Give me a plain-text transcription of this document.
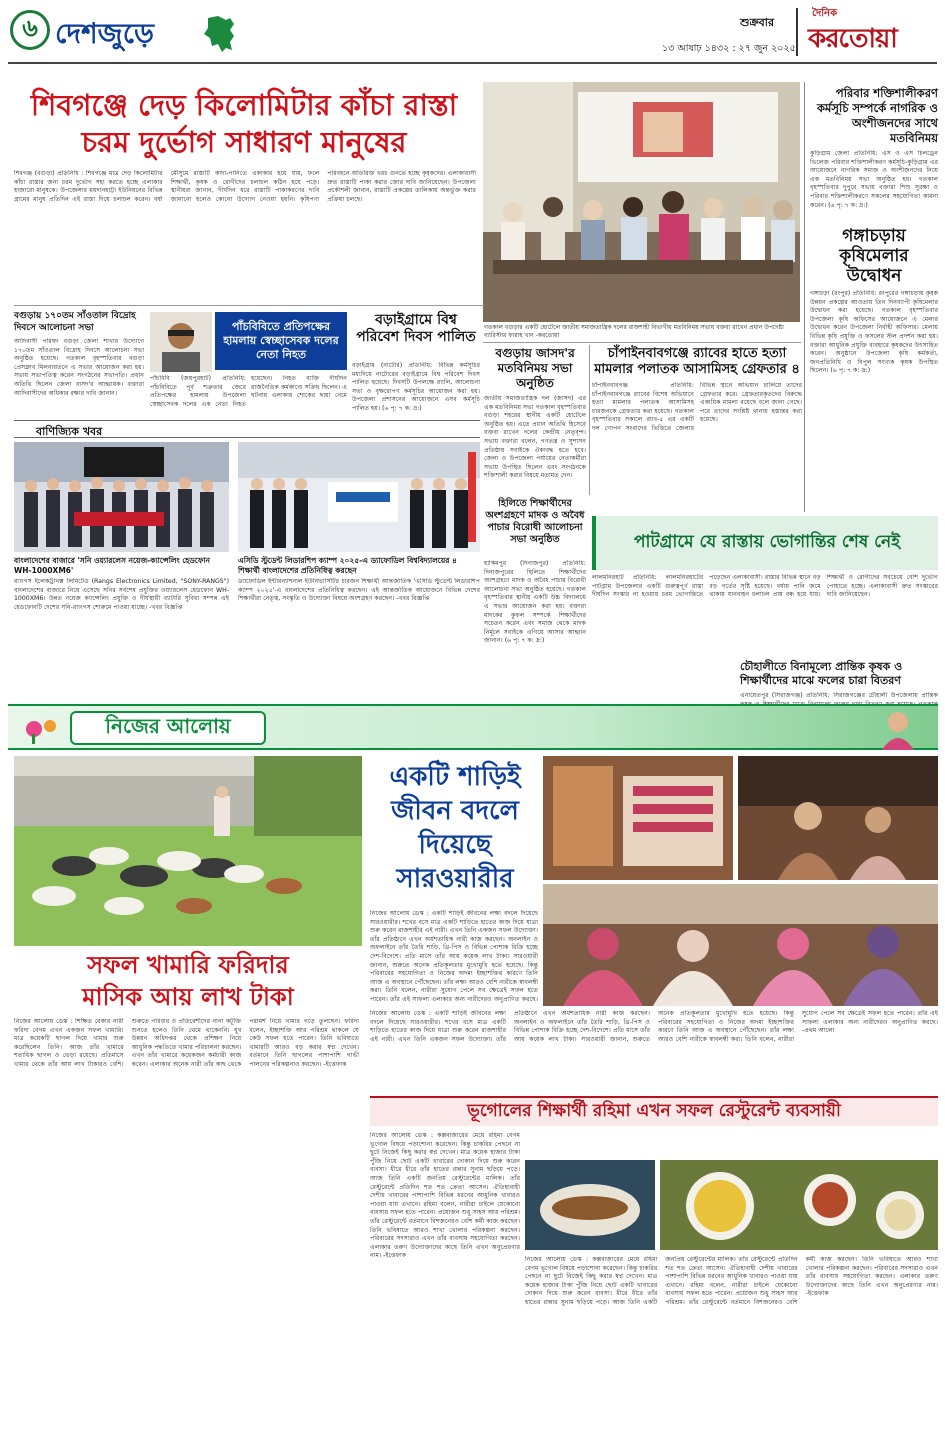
৬ দেশজুড়ে	শুক্রবার
১৩ আষাঢ় ১৪৩২ : ২৭ জুন ২০২৫
দৈনিক
করতোয়া
শিবগঞ্জে দেড় কিলোমিটার কাঁচা রাস্তা
চরম দুর্ভোগ সাধারণ মানুষের
শিবগঞ্জ (বগুড়া) প্রতিনিধি : শিবগঞ্জে মাত্র দেড় কিলোমিটার কাঁচা রাস্তার জন্য চরম দুর্ভোগ সহ্য করতে হচ্ছে এলাকার হাজারো মানুষকে। উপজেলার ময়দানহাট্টা ইউনিয়নের বিভিন্ন গ্রামের মানুষ প্রতিদিন এই রাস্তা দিয়ে চলাচল করেন। বর্ষা মৌসুমে রাস্তাটি কাদা-পানিতে একাকার হয়ে যায়, ফলে শিক্ষার্থী, কৃষক ও রোগীদের চলাচল কঠিন হয়ে পড়ে। স্থানীয়রা জানান, দীর্ঘদিন ধরে রাস্তাটি পাকাকরণের দাবি জানানো হলেও কোনো উদ্যোগ নেওয়া হয়নি। কৃষিপণ্য পরিবহনে অতিরিক্ত খরচ গুনতে হচ্ছে কৃষকদের। এলাকাবাসী দ্রুত রাস্তাটি পাকা করার জোর দাবি জানিয়েছেন। উপজেলা প্রকৌশলী জানান, রাস্তাটি প্রকল্পের তালিকায় অন্তর্ভুক্ত করার প্রক্রিয়া চলছে।
গতকাল বগুড়ার একটি হোটেলে জাতীয় সমাজতান্ত্রিক দলের রাজশাহী বিভাগীয় মতবিনিময় সভায় বক্তব্য রাখেন প্রধান উপদেষ্টা ব্যারিস্টার ফারাহ খান -করতোয়া
পরিবার শক্তিশালীকরণ কর্মসূচি সম্পর্কে নাগরিক ও অংশীজনদের সাথে মতবিনিময়
কুড়িগ্রাম জেলা প্রতিনিধি: এস ও এস চিলড্রেন ভিলেজ পরিবার শক্তিশালীকরণ কর্মসূচি-কুড়িগ্রাম এর আয়োজনে নাগরিক সমাজ ও অংশীজনদের নিয়ে এক মতবিনিময় সভা অনুষ্ঠিত হয়। গতকাল বৃহস্পতিবার দুপুরে সভায় বক্তারা শিশু সুরক্ষা ও পরিবার শক্তিশালীকরণে সকলের সহযোগিতা কামনা করেন। (৬ পৃ: ৭ ক: দ্র:)
গঙ্গাচড়ায় কৃষিমেলার উদ্বোধন
গঙ্গাচড়া (রংপুর) প্রতিনিধি: রংপুরের গঙ্গাচড়ায় কৃষক উন্নয়ন প্রকল্পের আওতায় তিন দিনব্যাপী কৃষিমেলার উদ্বোধন করা হয়েছে। গতকাল বৃহস্পতিবার উপজেলা কৃষি অফিসের আয়োজনে এ মেলার উদ্বোধন করেন উপজেলা নির্বাহী অফিসার। মেলায় বিভিন্ন কৃষি প্রযুক্তি ও ফসলের স্টল প্রদর্শন করা হয়। বক্তারা আধুনিক প্রযুক্তি ব্যবহারে কৃষকদের উৎসাহিত করেন। অনুষ্ঠানে উপজেলা কৃষি কর্মকর্তা, জনপ্রতিনিধি ও বিপুল সংখ্যক কৃষক উপস্থিত ছিলেন। (৬ পৃ: ৭ ক: দ্র:)
বগুড়ায় জাসদ'র মতবিনিময় সভা অনুষ্ঠিত
জাতীয় সমাজতান্ত্রিক দল (জাসদ) এর এক মতবিনিময় সভা গতকাল বৃহস্পতিবার বগুড়া শহরের স্থানীয় একটি হোটেলে অনুষ্ঠিত হয়। এতে প্রধান অতিথি হিসেবে বক্তব্য রাখেন দলের কেন্দ্রীয় নেতৃবৃন্দ। সভায় বক্তারা বলেন, গণতন্ত্র ও সুশাসন প্রতিষ্ঠায় সবাইকে ঐক্যবদ্ধ হতে হবে। জেলা ও উপজেলা পর্যায়ের নেতাকর্মীরা সভায় উপস্থিত ছিলেন এবং সংগঠনকে শক্তিশালী করার বিষয়ে মতামত দেন।
চাঁপাইনবাবগঞ্জে র‍্যাবের হাতে হত্যা মামলার পলাতক আসামিসহ গ্রেফতার ৪
চাঁপাইনবাবগঞ্জ প্রতিনিধি: চাঁপাইনবাবগঞ্জে র‍্যাবের বিশেষ অভিযানে হত্যা মামলার পলাতক আসামিসহ চারজনকে গ্রেফতার করা হয়েছে। গতকাল বৃহস্পতিবার সকালে র‍্যাব-৫ এর একটি দল গোপন সংবাদের ভিত্তিতে জেলার বিভিন্ন স্থানে অভিযান চালিয়ে তাদের গ্রেফতার করে। গ্রেফতারকৃতদের বিরুদ্ধে একাধিক মামলা রয়েছে বলে জানা গেছে। পরে তাদের সংশ্লিষ্ট থানায় হস্তান্তর করা হয়েছে।
হিলিতে শিক্ষার্থীদের অংশগ্রহণে মাদক ও অবৈধ পাচার বিরোধী আলোচনা সভা অনুষ্ঠিত
হাকিমপুর (দিনাজপুর) প্রতিনিধি: দিনাজপুরের হিলিতে শিক্ষার্থীদের অংশগ্রহণে মাদক ও অবৈধ পাচার বিরোধী আলোচনা সভা অনুষ্ঠিত হয়েছে। গতকাল বৃহস্পতিবার স্থানীয় একটি উচ্চ বিদ্যালয়ে এ সভার আয়োজন করা হয়। বক্তারা মাদকের কুফল সম্পর্কে শিক্ষার্থীদের সচেতন করেন এবং সমাজ থেকে মাদক নির্মূলে সবাইকে এগিয়ে আসার আহ্বান জানান। (৬ পৃ: ৭ ক: দ্র:)
পাটগ্রামে যে রাস্তায় ভোগান্তির শেষ নেই
লালমনিরহাট প্রতিনিধি: লালমনিরহাটের পাটগ্রাম উপজেলার একটি গুরুত্বপূর্ণ রাস্তা দীর্ঘদিন সংস্কার না হওয়ায় চরম ভোগান্তিতে পড়েছেন এলাকাবাসী। রাস্তার বিভিন্ন স্থানে বড় বড় গর্তের সৃষ্টি হয়েছে। বর্ষায় পানি জমে থাকায় যানবাহন চলাচল প্রায় বন্ধ হয়ে যায়। শিক্ষার্থী ও রোগীদের সবচেয়ে বেশি দুর্ভোগ পোহাতে হচ্ছে। এলাকাবাসী দ্রুত সংস্কারের দাবি জানিয়েছেন।
চৌহালীতে বিনামূল্যে প্রান্তিক কৃষক ও শিক্ষার্থীদের মাঝে ফলের চারা বিতরণ
এনায়েতপুর (সিরাজগঞ্জ) প্রতিনিধি: সিরাজগঞ্জের চৌহালী উপজেলায় প্রান্তিক
বগুড়ায় ১৭০তম সাঁওতাল বিদ্রোহ দিবসে আলোচনা সভা
আদিবাসী পরিষদ বগুড়া জেলা শাখার উদ্যোগে ১৭০তম সাঁওতাল বিদ্রোহ দিবসে আলোচনা সভা অনুষ্ঠিত হয়েছে। গতকাল বৃহস্পতিবার বগুড়া প্রেসক্লাব মিলনায়তনে এ সভার আয়োজন করা হয়। সভায় সভাপতিত্ব করেন সংগঠনের সভাপতি। প্রধান অতিথি ছিলেন জেলা বাসদ'র আহ্বায়ক। বক্তারা আদিবাসীদের অধিকার রক্ষার দাবি জানান।
পাঁচবিবিতে প্রতিপক্ষের হামলায় স্বেচ্ছাসেবক দলের নেতা নিহত
পাঁচবিবি (জয়পুরহাট) প্রতিনিধি: পাঁচবিবিতে পূর্ব শত্রুতার জেরে প্রতিপক্ষের হামলায় উপজেলা স্বেচ্ছাসেবক দলের এক নেতা নিহত হয়েছেন। নিহত ব্যক্তি দীর্ঘদিন রাজনৈতিক কর্মকাণ্ডে সক্রিয় ছিলেন। এ ঘটনায় এলাকায় শোকের ছায়া নেমে
বড়াইগ্রামে বিশ্ব পরিবেশ দিবস পালিত
বড়াইগ্রাম (নাটোর) প্রতিনিধি: বিভিন্ন কর্মসূচির মধ্যদিয়ে নাটোরের বড়াইগ্রামে বিশ্ব পরিবেশ দিবস পালিত হয়েছে। দিবসটি উপলক্ষে র‍্যালি, আলোচনা সভা ও বৃক্ষরোপণ কর্মসূচির আয়োজন করা হয়। উপজেলা প্রশাসনের আয়োজনে এসব কর্মসূচি পালিত হয়। (৬ পৃ: ৭ ক: দ্র:)
বাণিজ্যিক খবর
বাংলাদেশের বাজারে 'সনি ওয়্যারলেস নয়েজ-ক্যান্সেলিং হেডফোন WH-1000XM6'
র‍্যাংগস ইলেকট্রনিক্স লিমিটেড (Rangs Electronics Limited, "SONY-RANGS") বাংলাদেশের বাজারে নিয়ে এসেছে সনির সর্বশেষ প্রযুক্তির ওয়্যারলেস হেডফোন WH-1000XM6। উন্নত নয়েজ ক্যান্সেলিং প্রযুক্তি ও দীর্ঘস্থায়ী ব্যাটারি সুবিধা সম্পন্ন এই হেডফোনটি দেশের সনি-র‍্যাংগস শোরুমে পাওয়া যাচ্ছে। -খবর বিজ্ঞপ্তি
এসিডি স্টুডেন্ট লিডারশিপ ক্যাম্প ২০২৫-এ ড্যাফোডিল বিশ্ববিদ্যালয়ের ৪ শিক্ষার্থী বাংলাদেশের প্রতিনিধিত্ব করছেন
ড্যাফোডিল ইন্টারন্যাশনাল ইউনিভার্সিটির চারজন শিক্ষার্থী আন্তর্জাতিক 'এসিডি স্টুডেন্ট লিডারশিপ ক্যাম্প ২০২৫'-এ বাংলাদেশের প্রতিনিধিত্ব করছেন। এই আন্তর্জাতিক আয়োজনে বিভিন্ন দেশের শিক্ষার্থীরা নেতৃত্ব, সংস্কৃতি ও উদ্যোক্তা বিষয়ে অংশগ্রহণ করছেন। -খবর বিজ্ঞপ্তি
নিজের আলোয়
সফল খামারি ফরিদার
মাসিক আয় লাখ টাকা
নিজের আলোয় ডেস্ক : শিক্ষিত বেকার নারী ফরিদা বেগম এখন একজন সফল খামারি। মাত্র কয়েকটি ছাগল দিয়ে খামার শুরু করেছিলেন তিনি। আজ তাঁর খামারে শতাধিক ছাগল ও ভেড়া রয়েছে। প্রতিমাসে খামার থেকে তাঁর আয় লাখ টাকারও বেশি। শুরুতে পরিবার ও প্রতিবেশীদের নানা কটূক্তি শুনতে হলেও তিনি থেমে থাকেননি। যুব উন্নয়ন অধিদপ্তর থেকে প্রশিক্ষণ নিয়ে আধুনিক পদ্ধতিতে খামার পরিচালনা করছেন। এখন তাঁর খামারে কয়েকজন কর্মচারী কাজ করেন। এলাকার অনেক নারী তাঁর কাছ থেকে পরামর্শ নিয়ে খামার গড়ে তুলছেন। ফরিদা বলেন, ইচ্ছাশক্তি আর পরিশ্রম থাকলে যে কেউ সফল হতে পারেন। তিনি ভবিষ্যতে খামারটি আরও বড় করার স্বপ্ন দেখেন। বর্তমানে তিনি ছাগলের পাশাপাশি গাভী পালনের পরিকল্পনাও করছেন। -ইত্তেফাক
একটি শাড়িই জীবন বদলে দিয়েছে সারওয়ারীর
নিজের আলোয় ডেস্ক : একটি শাড়িই জীবনের লক্ষ্য বদলে দিয়েছে সারওয়ারীর। শখের বসে মাত্র একটি শাড়িতে হাতের কাজ দিয়ে যাত্রা শুরু করেন রাজশাহীর এই নারী। এখন তিনি একজন সফল উদ্যোক্তা। তাঁর প্রতিষ্ঠানে এখন অর্ধশতাধিক নারী কাজ করছেন। অনলাইন ও অফলাইনে তাঁর তৈরি শাড়ি, থ্রি-পিস ও বিভিন্ন পোশাক বিক্রি হচ্ছে দেশ-বিদেশে। প্রতি মাসে তাঁর আয় কয়েক লাখ টাকা। সারওয়ারী জানান, শুরুতে অনেক প্রতিকূলতার মুখোমুখি হতে হয়েছে। কিন্তু পরিবারের সহযোগিতা ও নিজের অদম্য ইচ্ছাশক্তির কারণে তিনি আজ এ অবস্থানে পৌঁছেছেন। তাঁর লক্ষ্য আরও বেশি নারীকে স্বাবলম্বী করা। তিনি বলেন, নারীরা সুযোগ পেলে সব ক্ষেত্রেই সফল হতে পারেন। তাঁর এই সাফল্য এলাকার অন্য নারীদেরও অনুপ্রাণিত করছে।
নিজের আলোয় ডেস্ক : একটি শাড়িই জীবনের লক্ষ্য বদলে দিয়েছে সারওয়ারীর। শখের বসে মাত্র একটি শাড়িতে হাতের কাজ দিয়ে যাত্রা শুরু করেন রাজশাহীর এই নারী। এখন তিনি একজন সফল উদ্যোক্তা। তাঁর প্রতিষ্ঠানে এখন অর্ধশতাধিক নারী কাজ করছেন। অনলাইন ও অফলাইনে তাঁর তৈরি শাড়ি, থ্রি-পিস ও বিভিন্ন পোশাক বিক্রি হচ্ছে দেশ-বিদেশে। প্রতি মাসে তাঁর আয় কয়েক লাখ টাকা। সারওয়ারী জানান, শুরুতে অনেক প্রতিকূলতার মুখোমুখি হতে হয়েছে। কিন্তু পরিবারের সহযোগিতা ও নিজের অদম্য ইচ্ছাশক্তির কারণে তিনি আজ এ অবস্থানে পৌঁছেছেন। তাঁর লক্ষ্য আরও বেশি নারীকে স্বাবলম্বী করা। তিনি বলেন, নারীরা সুযোগ পেলে সব ক্ষেত্রেই সফল হতে পারেন। তাঁর এই সাফল্য এলাকার অন্য নারীদেরও অনুপ্রাণিত করছে। -প্রথম আলো
ভূগোলের শিক্ষার্থী রহিমা এখন সফল রেস্টুরেন্ট ব্যবসায়ী
নিজের আলোয় ডেস্ক : কক্সবাজারের মেয়ে রহিমা বেগম ভূগোল বিষয়ে পড়াশোনা করেছেন। কিন্তু চাকরির পেছনে না ছুটে নিজেই কিছু করার স্বপ্ন দেখেন। মাত্র কয়েক হাজার টাকা পুঁজি নিয়ে ছোট একটি খাবারের দোকান দিয়ে শুরু করেন ব্যবসা। ধীরে ধীরে তাঁর হাতের রান্নার সুনাম ছড়িয়ে পড়ে। আজ তিনি একটি জনপ্রিয় রেস্টুরেন্টের মালিক। তাঁর রেস্টুরেন্টে প্রতিদিন শত শত ক্রেতা আসেন। ঐতিহ্যবাহী দেশীয় খাবারের পাশাপাশি বিভিন্ন ধরনের আধুনিক খাবারও পাওয়া যায় এখানে। রহিমা বলেন, নারীরা চাইলে যেকোনো ব্যবসায় সফল হতে পারেন। প্রয়োজন শুধু সাহস আর পরিশ্রম। তাঁর রেস্টুরেন্টে বর্তমানে বিশজনেরও বেশি কর্মী কাজ করছেন। তিনি ভবিষ্যতে আরও শাখা খোলার পরিকল্পনা করছেন। পরিবারের সদস্যরাও এখন তাঁর ব্যবসায় সহযোগিতা করছেন। এলাকার তরুণ উদ্যোক্তাদের কাছে তিনি এখন অনুপ্রেরণার নাম। -ইত্তেফাক
নিজের আলোয় ডেস্ক : কক্সবাজারের মেয়ে রহিমা বেগম ভূগোল বিষয়ে পড়াশোনা করেছেন। কিন্তু চাকরির পেছনে না ছুটে নিজেই কিছু করার স্বপ্ন দেখেন। মাত্র কয়েক হাজার টাকা পুঁজি নিয়ে ছোট একটি খাবারের দোকান দিয়ে শুরু করেন ব্যবসা। ধীরে ধীরে তাঁর হাতের রান্নার সুনাম ছড়িয়ে পড়ে। আজ তিনি একটি জনপ্রিয় রেস্টুরেন্টের মালিক। তাঁর রেস্টুরেন্টে প্রতিদিন শত শত ক্রেতা আসেন। ঐতিহ্যবাহী দেশীয় খাবারের পাশাপাশি বিভিন্ন ধরনের আধুনিক খাবারও পাওয়া যায় এখানে। রহিমা বলেন, নারীরা চাইলে যেকোনো ব্যবসায় সফল হতে পারেন। প্রয়োজন শুধু সাহস আর পরিশ্রম। তাঁর রেস্টুরেন্টে বর্তমানে বিশজনেরও বেশি কর্মী কাজ করছেন। তিনি ভবিষ্যতে আরও শাখা খোলার পরিকল্পনা করছেন। পরিবারের সদস্যরাও এখন তাঁর ব্যবসায় সহযোগিতা করছেন। এলাকার তরুণ উদ্যোক্তাদের কাছে তিনি এখন অনুপ্রেরণার নাম। -ইত্তেফাক
